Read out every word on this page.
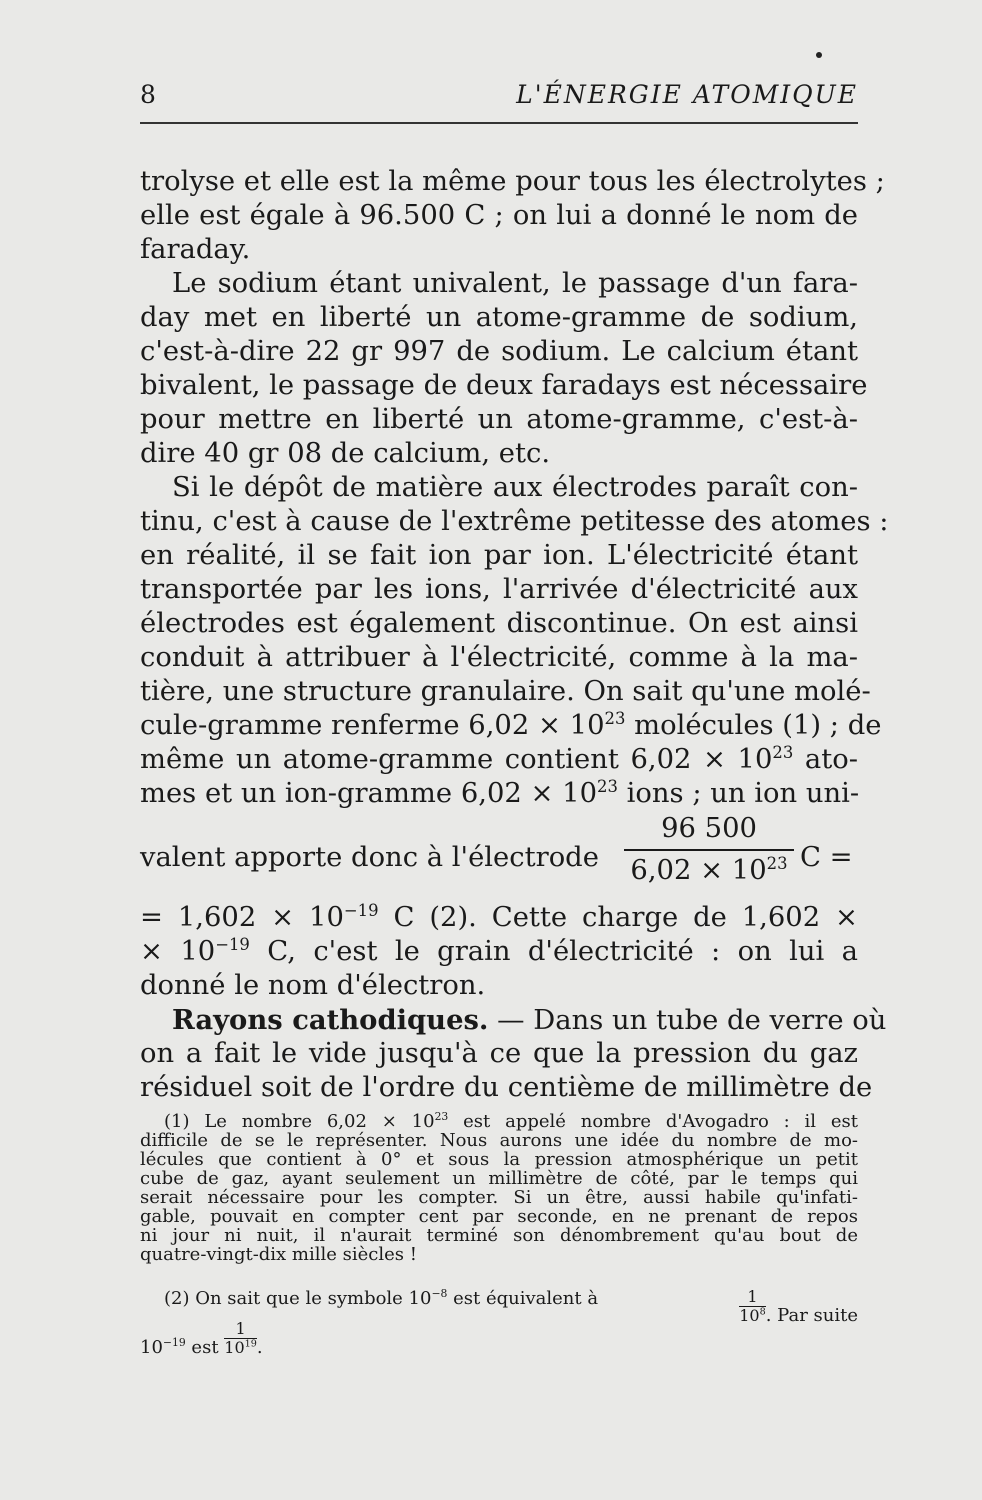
8	L'ÉNERGIE ATOMIQUE
trolyse et elle est la même pour tous les électrolytes ;
elle est égale à 96.500 C ; on lui a donné le nom de
faraday.
Le sodium étant univalent, le passage d'un fara-
day met en liberté un atome-gramme de sodium,
c'est-à-dire 22 gr 997 de sodium. Le calcium étant
bivalent, le passage de deux faradays est nécessaire
pour mettre en liberté un atome-gramme, c'est-à-
dire 40 gr 08 de calcium, etc.
Si le dépôt de matière aux électrodes paraît con-
tinu, c'est à cause de l'extrême petitesse des atomes :
en réalité, il se fait ion par ion. L'électricité étant
transportée par les ions, l'arrivée d'électricité aux
électrodes est également discontinue. On est ainsi
conduit à attribuer à l'électricité, comme à la ma-
tière, une structure granulaire. On sait qu'une molé-
cule-gramme renferme $6,02 \times 10^{23}$ molécules (1) ; de
même un atome-gramme contient $6,02 \times 10^{23}$ ato-
mes et un ion-gramme $6,02 \times 10^{23}$ ions ; un ion uni-
valent apporte donc à l'électrode
96 500
$6,02 \times 10^{23}$ C =
= $1,602 \times 10^{-19}$ C (2). Cette charge de 1,602 ×
× $10^{-19}$ C, c'est le grain d'électricité : on lui a
donné le nom d'électron.
Rayons cathodiques. — Dans un tube de verre où
on a fait le vide jusqu'à ce que la pression du gaz
résiduel soit de l'ordre du centième de millimètre de
(1) Le nombre $6,02 \times 10^{23}$ est appelé nombre d'Avogadro : il est
difficile de se le représenter. Nous aurons une idée du nombre de mo-
lécules que contient à 0° et sous la pression atmosphérique un petit
cube de gaz, ayant seulement un millimètre de côté, par le temps qui
serait nécessaire pour les compter. Si un être, aussi habile qu'infati-
gable, pouvait en compter cent par seconde, en ne prenant de repos
ni jour ni nuit, il n'aurait terminé son dénombrement qu'au bout de
quatre-vingt-dix mille siècles !
(2) On sait que le symbole $10^{-8}$ est équivalent à	$\frac{1}{10^8}$ . Par suite
$10^{-19}$ est $\frac{1}{10^{19}}$ .
